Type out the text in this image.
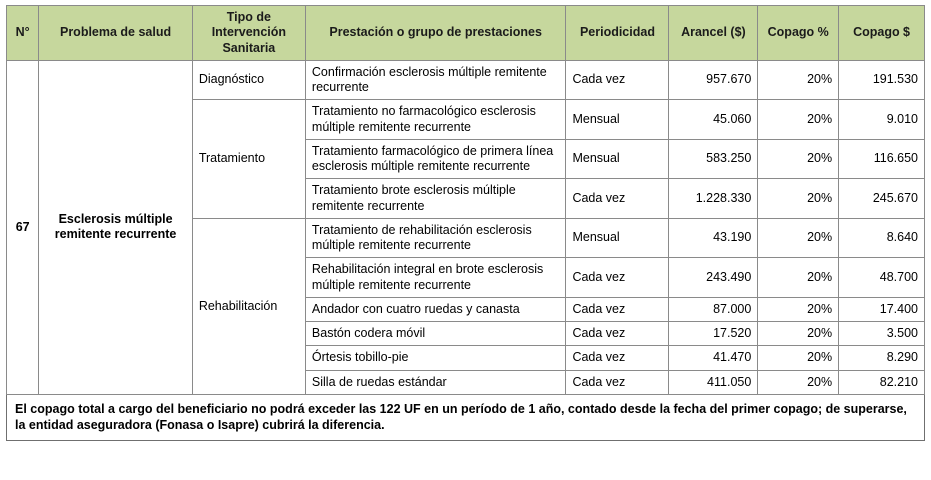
N°	Problema de salud	Tipo de Intervención Sanitaria	Prestación o grupo de prestaciones	Periodicidad	Arancel ($)	Copago %	Copago $
67	Esclerosis múltiple remitente recurrente	Diagnóstico	Confirmación esclerosis múltiple remitente recurrente	Cada vez	957.670	20%	191.530
		Tratamiento	Tratamiento no farmacológico esclerosis múltiple remitente recurrente	Mensual	45.060	20%	9.010
			Tratamiento farmacológico de primera línea esclerosis múltiple remitente recurrente	Mensual	583.250	20%	116.650
			Tratamiento brote esclerosis múltiple remitente recurrente	Cada vez	1.228.330	20%	245.670
		Rehabilitación	Tratamiento de rehabilitación esclerosis múltiple remitente recurrente	Mensual	43.190	20%	8.640
			Rehabilitación integral en brote esclerosis múltiple remitente recurrente	Cada vez	243.490	20%	48.700
			Andador con cuatro ruedas y canasta	Cada vez	87.000	20%	17.400
			Bastón codera móvil	Cada vez	17.520	20%	3.500
			Órtesis tobillo-pie	Cada vez	41.470	20%	8.290
			Silla de ruedas estándar	Cada vez	411.050	20%	82.210
El copago total a cargo del beneficiario no podrá exceder las 122 UF en un período de 1 año, contado desde la fecha del primer copago; de superarse, la entidad aseguradora (Fonasa o Isapre) cubrirá la diferencia.
